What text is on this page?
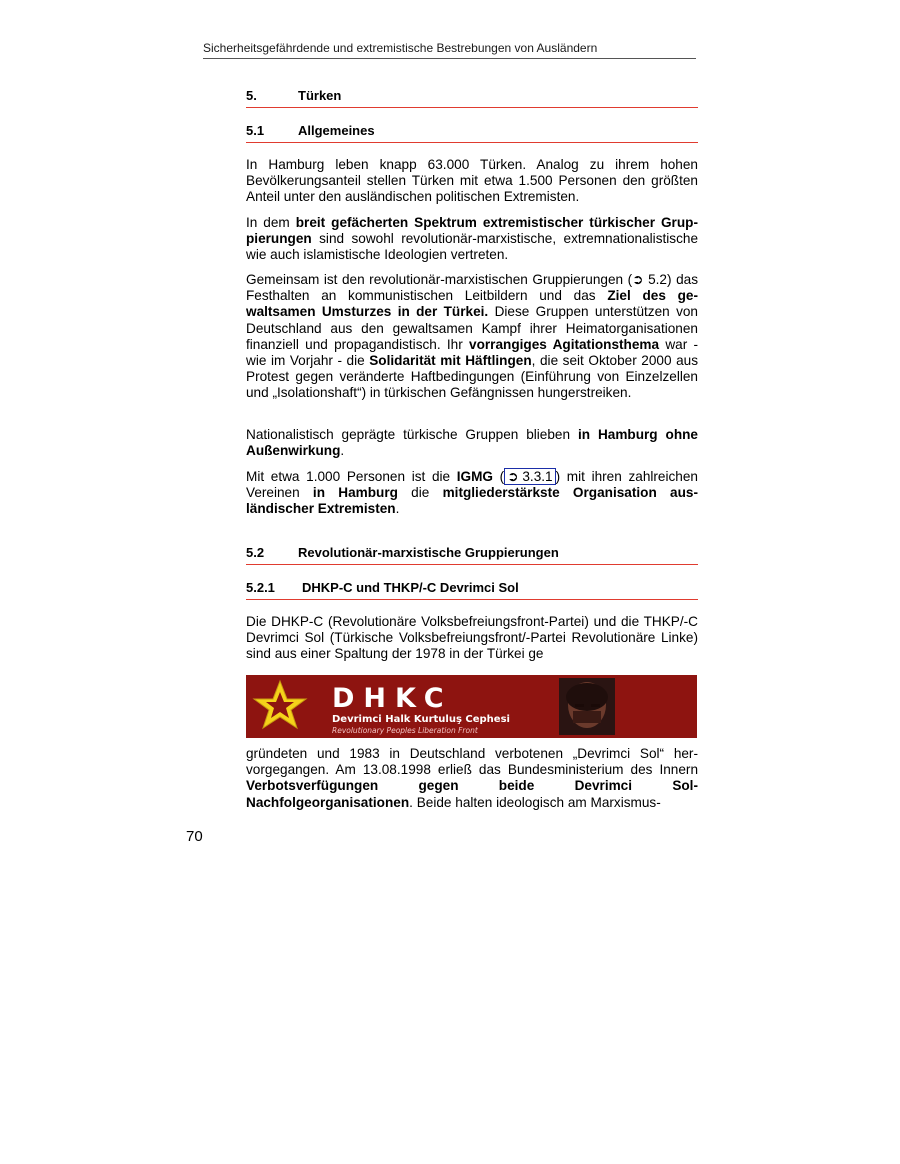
Sicherheitsgefährdende und extremistische Bestrebungen von Ausländern
5.	Türken
5.1	Allgemeines

In Hamburg leben knapp 63.000 Türken. Analog zu ihrem hohen Bevölkerungsanteil stellen Türken mit etwa 1.500 Personen den größten Anteil unter den ausländischen politischen Extremisten.

In dem breit gefächerten Spektrum extremistischer türkischer Gruppierungen sind sowohl revolutionär-marxistische, extremnationalistische wie auch islamistische Ideologien vertreten.

Gemeinsam ist den revolutionär-marxistischen Gruppierungen (➲ 5.2) das Festhalten an kommunistischen Leitbildern und das Ziel des gewaltsamen Umsturzes in der Türkei. Diese Gruppen unterstützen von Deutschland aus den gewaltsamen Kampf ihrer Heimatorganisationen finanziell und propagandistisch. Ihr vorrangiges Agitationsthema war - wie im Vorjahr - die Solidarität mit Häftlingen, die seit Oktober 2000 aus Protest gegen veränderte Haftbedingungen (Einführung von Einzelzellen und „Isolationshaft“) in türkischen Gefängnissen hungerstreiken.

Nationalistisch geprägte türkische Gruppen blieben in Hamburg ohne Außenwirkung.

Mit etwa 1.000 Personen ist die IGMG ( ➲ 3.3.1 ) mit ihren zahlreichen Vereinen in Hamburg die mitgliederstärkste Organisation ausländischer Extremisten.

5.2	Revolutionär-marxistische Gruppierungen
5.2.1 DHKP-C und THKP/-C Devrimci Sol

Die DHKP-C (Revolutionäre Volksbefreiungsfront-Partei) und die THKP/-C Devrimci Sol (Türkische Volksbefreiungsfront/-Partei Revolutionäre Linke) sind aus einer Spaltung der 1978 in der Türkei ge

DHKC
Devrimci Halk Kurtuluş Cephesi
Revolutionary Peoples Liberation Front

gründeten und 1983 in Deutschland verbotenen „Devrimci Sol“ hervorgegangen. Am 13.08.1998 erließ das Bundesministerium des Innern Verbotsverfügungen gegen beide Devrimci Sol-Nachfolgeorganisationen. Beide halten ideologisch am Marxismus-

70
